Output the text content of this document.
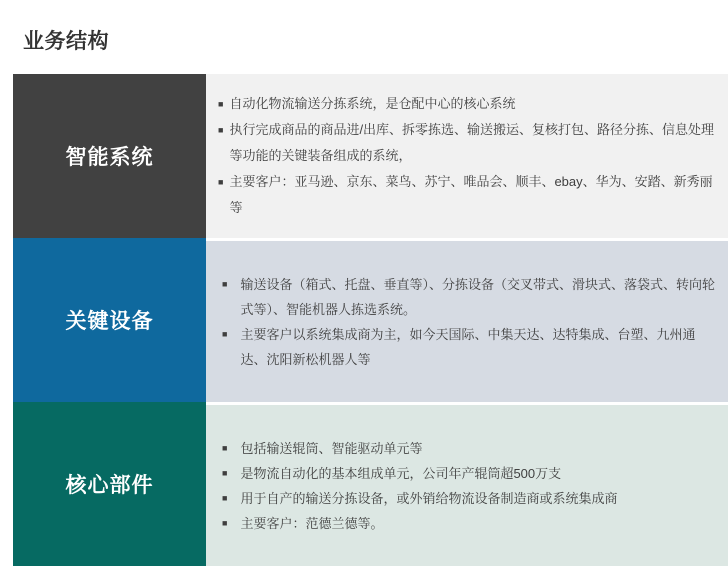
业务结构
智能系统
■ 自动化物流输送分拣系统，是仓配中心的核心系统
■ 执行完成商品的商品进/出库、拆零拣选、输送搬运、复核打包、路径分拣、信息处理等功能的关键装备组成的系统，
■ 主要客户：亚马逊、京东、菜鸟、苏宁、唯品会、顺丰、ebay、华为、安踏、新秀丽等
关键设备
■ 输送设备（箱式、托盘、垂直等）、分拣设备（交叉带式、滑块式、落袋式、转向轮式等）、智能机器人拣选系统。
■ 主要客户以系统集成商为主，如今天国际、中集天达、达特集成、台塑、九州通达、沈阳新松机器人等
核心部件
■ 包括输送辊筒、智能驱动单元等
■ 是物流自动化的基本组成单元，公司年产辊筒超500万支
■ 用于自产的输送分拣设备，或外销给物流设备制造商或系统集成商
■ 主要客户：范德兰德等。
